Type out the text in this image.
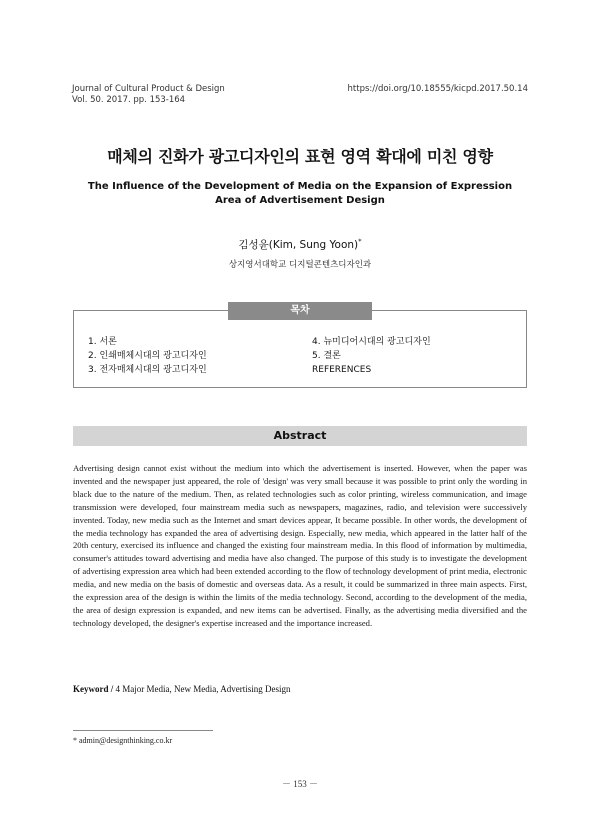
Journal of Cultural Product & Design
Vol. 50. 2017. pp. 153-164
https://doi.org/10.18555/kicpd.2017.50.14
매체의 진화가 광고디자인의 표현 영역 확대에 미친 영향
The Influence of the Development of Media on the Expansion of Expression Area of Advertisement Design
김성윤(Kim, Sung Yoon)*
상지영서대학교 디지털콘텐츠디자인과
목차
1. 서론
2. 인쇄매체시대의 광고디자인
3. 전자매체시대의 광고디자인
4. 뉴미디어시대의 광고디자인
5. 결론
REFERENCES
Abstract
Advertising design cannot exist without the medium into which the advertisement is inserted. However, when the paper was invented and the newspaper just appeared, the role of 'design' was very small because it was possible to print only the wording in black due to the nature of the medium. Then, as related technologies such as color printing, wireless communication, and image transmission were developed, four mainstream media such as newspapers, magazines, radio, and television were successively invented. Today, new media such as the Internet and smart devices appear, It became possible. In other words, the development of the media technology has expanded the area of advertising design. Especially, new media, which appeared in the latter half of the 20th century, exercised its influence and changed the existing four mainstream media. In this flood of information by multimedia, consumer's attitudes toward advertising and media have also changed. The purpose of this study is to investigate the development of advertising expression area which had been extended according to the flow of technology development of print media, electronic media, and new media on the basis of domestic and overseas data. As a result, it could be summarized in three main aspects. First, the expression area of the design is within the limits of the media technology. Second, according to the development of the media, the area of design expression is expanded, and new items can be advertised. Finally, as the advertising media diversified and the technology developed, the designer's expertise increased and the importance increased.
Keyword / 4 Major Media, New Media, Advertising Design
* admin@designthinking.co.kr
－ 153 －
